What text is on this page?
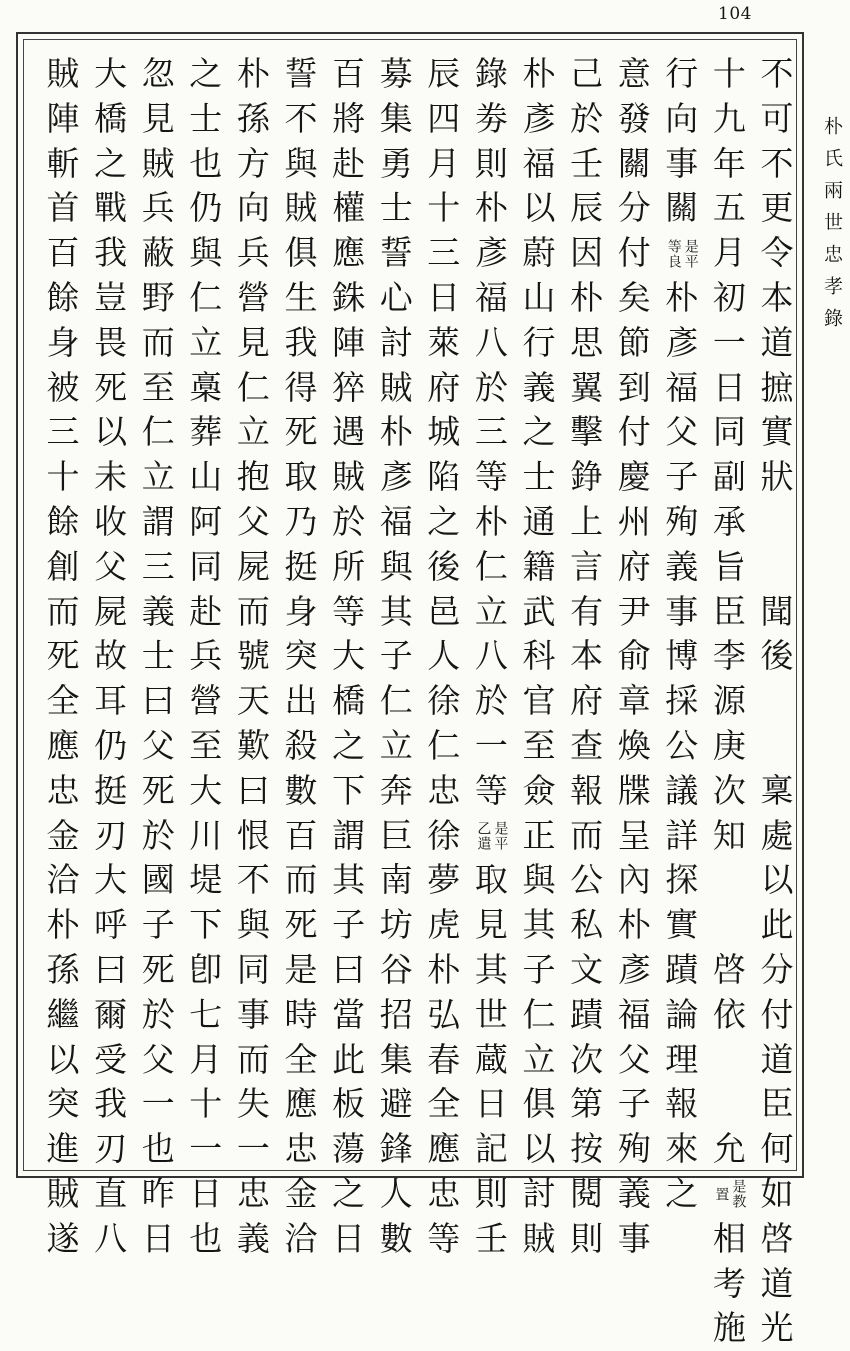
104
朴氏兩世忠孝錄
不
可
不
更
令
本
道
摭
實
狀
聞
後
稟
處
以
此
分
付
道
臣
何
如
啓
道
光
十
九
年
五
月
初
一
日
同
副
承
旨
臣
李
源
庚
次
知
啓
依
允
是教
置
相
考
施
行
向
事
關
是平
等良
朴
彥
福
父
子
殉
義
事
博
採
公
議
詳
探
實
蹟
論
理
報
來
之
意
發
關
分
付
矣
節
到
付
慶
州
府
尹
俞
章
煥
牒
呈
內
朴
彥
福
父
子
殉
義
事
己
於
壬
辰
因
朴
思
翼
擊
錚
上
言
有
本
府
查
報
而
公
私
文
蹟
次
第
按
閱
則
朴
彥
福
以
蔚
山
行
義
之
士
通
籍
武
科
官
至
僉
正
與
其
子
仁
立
俱
以
討
賊
錄
劵
則
朴
彥
福
八
於
三
等
朴
仁
立
八
於
一
等
是平
乙遣
取
見
其
世
蔵
日
記
則
壬
辰
四
月
十
三
日
萊
府
城
陷
之
後
邑
人
徐
仁
忠
徐
夢
虎
朴
弘
春
全
應
忠
等
募
集
勇
士
誓
心
討
賊
朴
彥
福
與
其
子
仁
立
奔
巨
南
坊
谷
招
集
避
鋒
人
數
百
將
赴
權
應
銖
陣
猝
遇
賊
於
所
等
大
橋
之
下
謂
其
子
曰
當
此
板
蕩
之
日
誓
不
與
賊
俱
生
我
得
死
取
乃
挺
身
突
出
殺
數
百
而
死
是
時
全
應
忠
金
洽
朴
孫
方
向
兵
營
見
仁
立
抱
父
屍
而
號
天
歎
曰
恨
不
與
同
事
而
失
一
忠
義
之
士
也
仍
與
仁
立
槀
葬
山
阿
同
赴
兵
營
至
大
川
堤
下
卽
七
月
十
一
日
也
忽
見
賊
兵
蔽
野
而
至
仁
立
謂
三
義
士
曰
父
死
於
國
子
死
於
父
一
也
昨
日
大
橋
之
戰
我
豈
畏
死
以
未
收
父
屍
故
耳
仍
挺
刃
大
呼
曰
爾
受
我
刃
直
八
賊
陣
斬
首
百
餘
身
被
三
十
餘
創
而
死
全
應
忠
金
洽
朴
孫
繼
以
突
進
賊
遂
